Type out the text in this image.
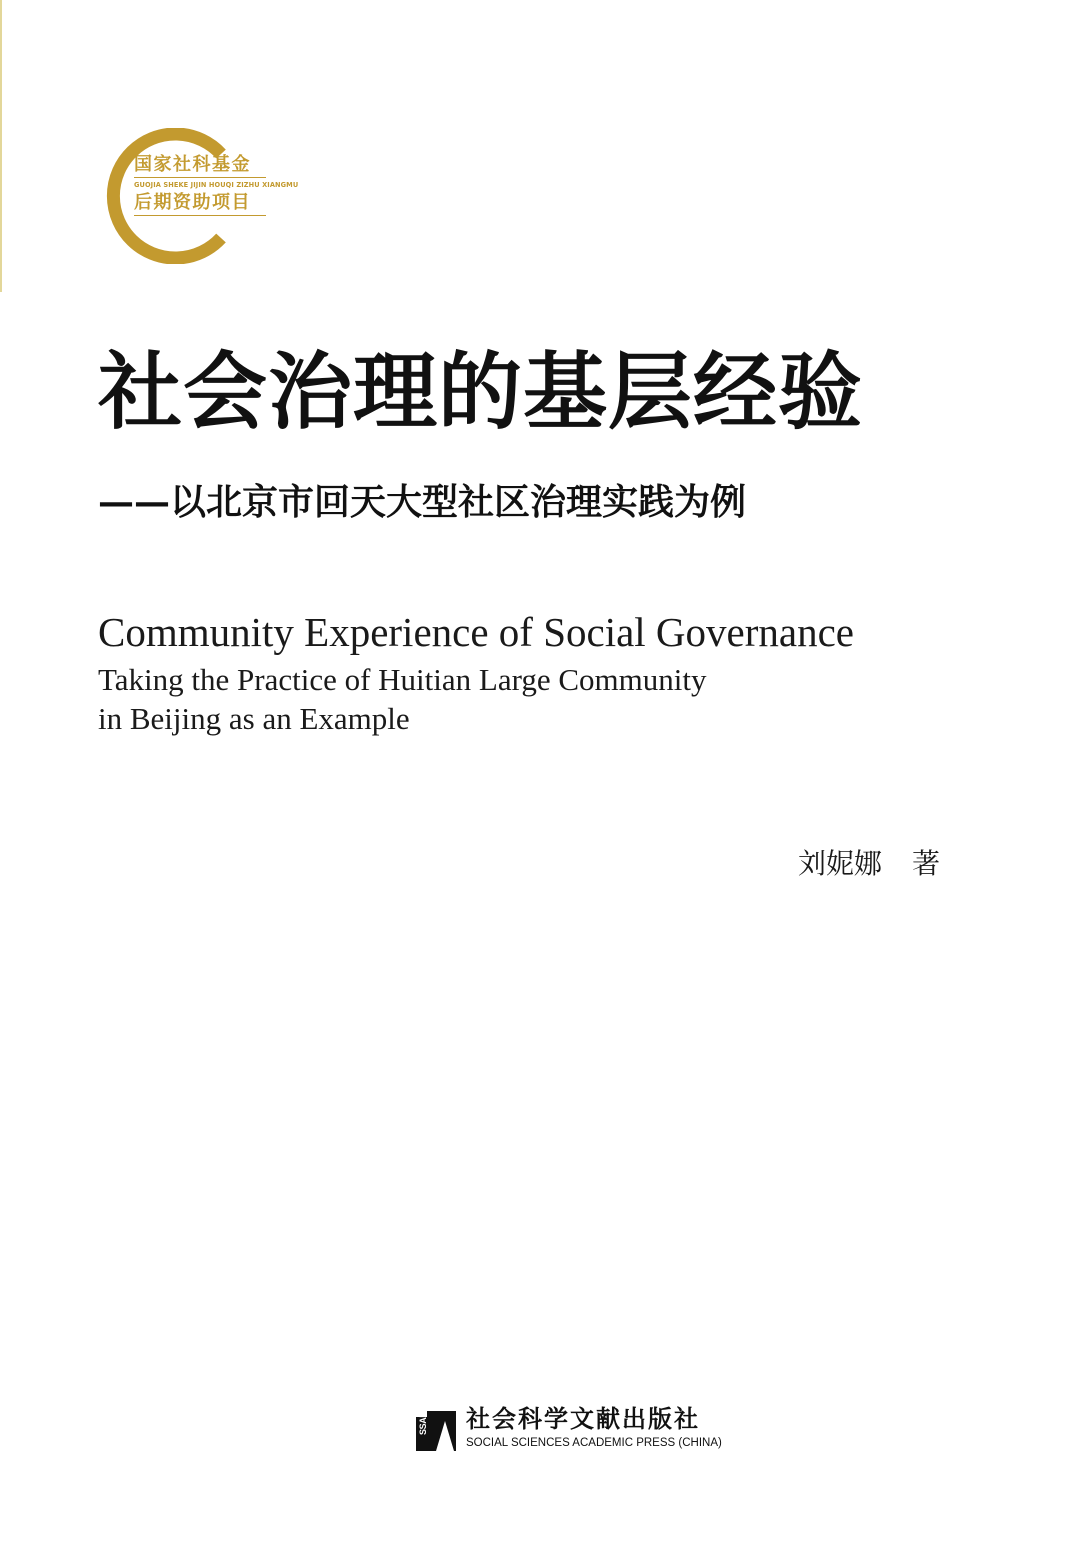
国家社科基金
GUOJIA SHEKE JIJIN HOUQI ZIZHU XIANGMU
后期资助项目
社会治理的基层经验
——以北京市回天大型社区治理实践为例
Community Experience of Social Governance
Taking the Practice of Huitian Large Community
in Beijing as an Example
刘妮娜 著
SSAP 社会科学文献出版社
SOCIAL SCIENCES ACADEMIC PRESS (CHINA)
